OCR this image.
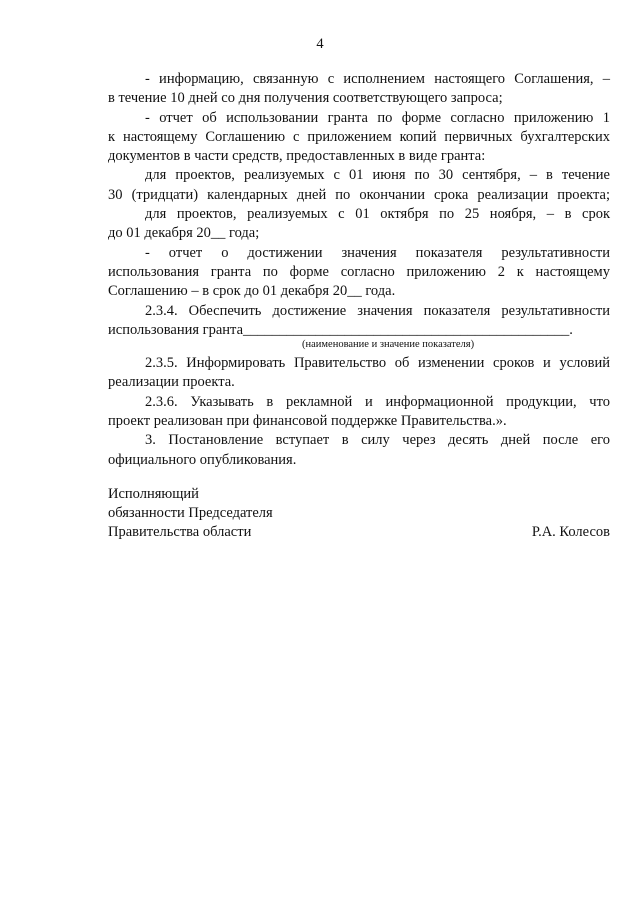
4
- информацию, связанную с исполнением настоящего Соглашения, –
в течение 10 дней со дня получения соответствующего запроса;
- отчет об использовании гранта по форме согласно приложению 1
к настоящему Соглашению с приложением копий первичных бухгалтерских
документов в части средств, предоставленных в виде гранта:
для проектов, реализуемых с 01 июня по 30 сентября, – в течение
30 (тридцати) календарных дней по окончании срока реализации проекта;
для проектов, реализуемых с 01 октября по 25 ноября, – в срок
до 01 декабря 20__ года;
- отчет о достижении значения показателя результативности
использования гранта по форме согласно приложению 2 к настоящему
Соглашению – в срок до 01 декабря 20__ года.
2.3.4. Обеспечить достижение значения показателя результативности
использования гранта_____________________________________________.
(наименование и значение показателя)
2.3.5. Информировать Правительство об изменении сроков и условий
реализации проекта.
2.3.6. Указывать в рекламной и информационной продукции, что
проект реализован при финансовой поддержке Правительства.».
3. Постановление вступает в силу через десять дней после его
официального опубликования.
Исполняющий
обязанности Председателя
Правительства области	Р.А. Колесов
